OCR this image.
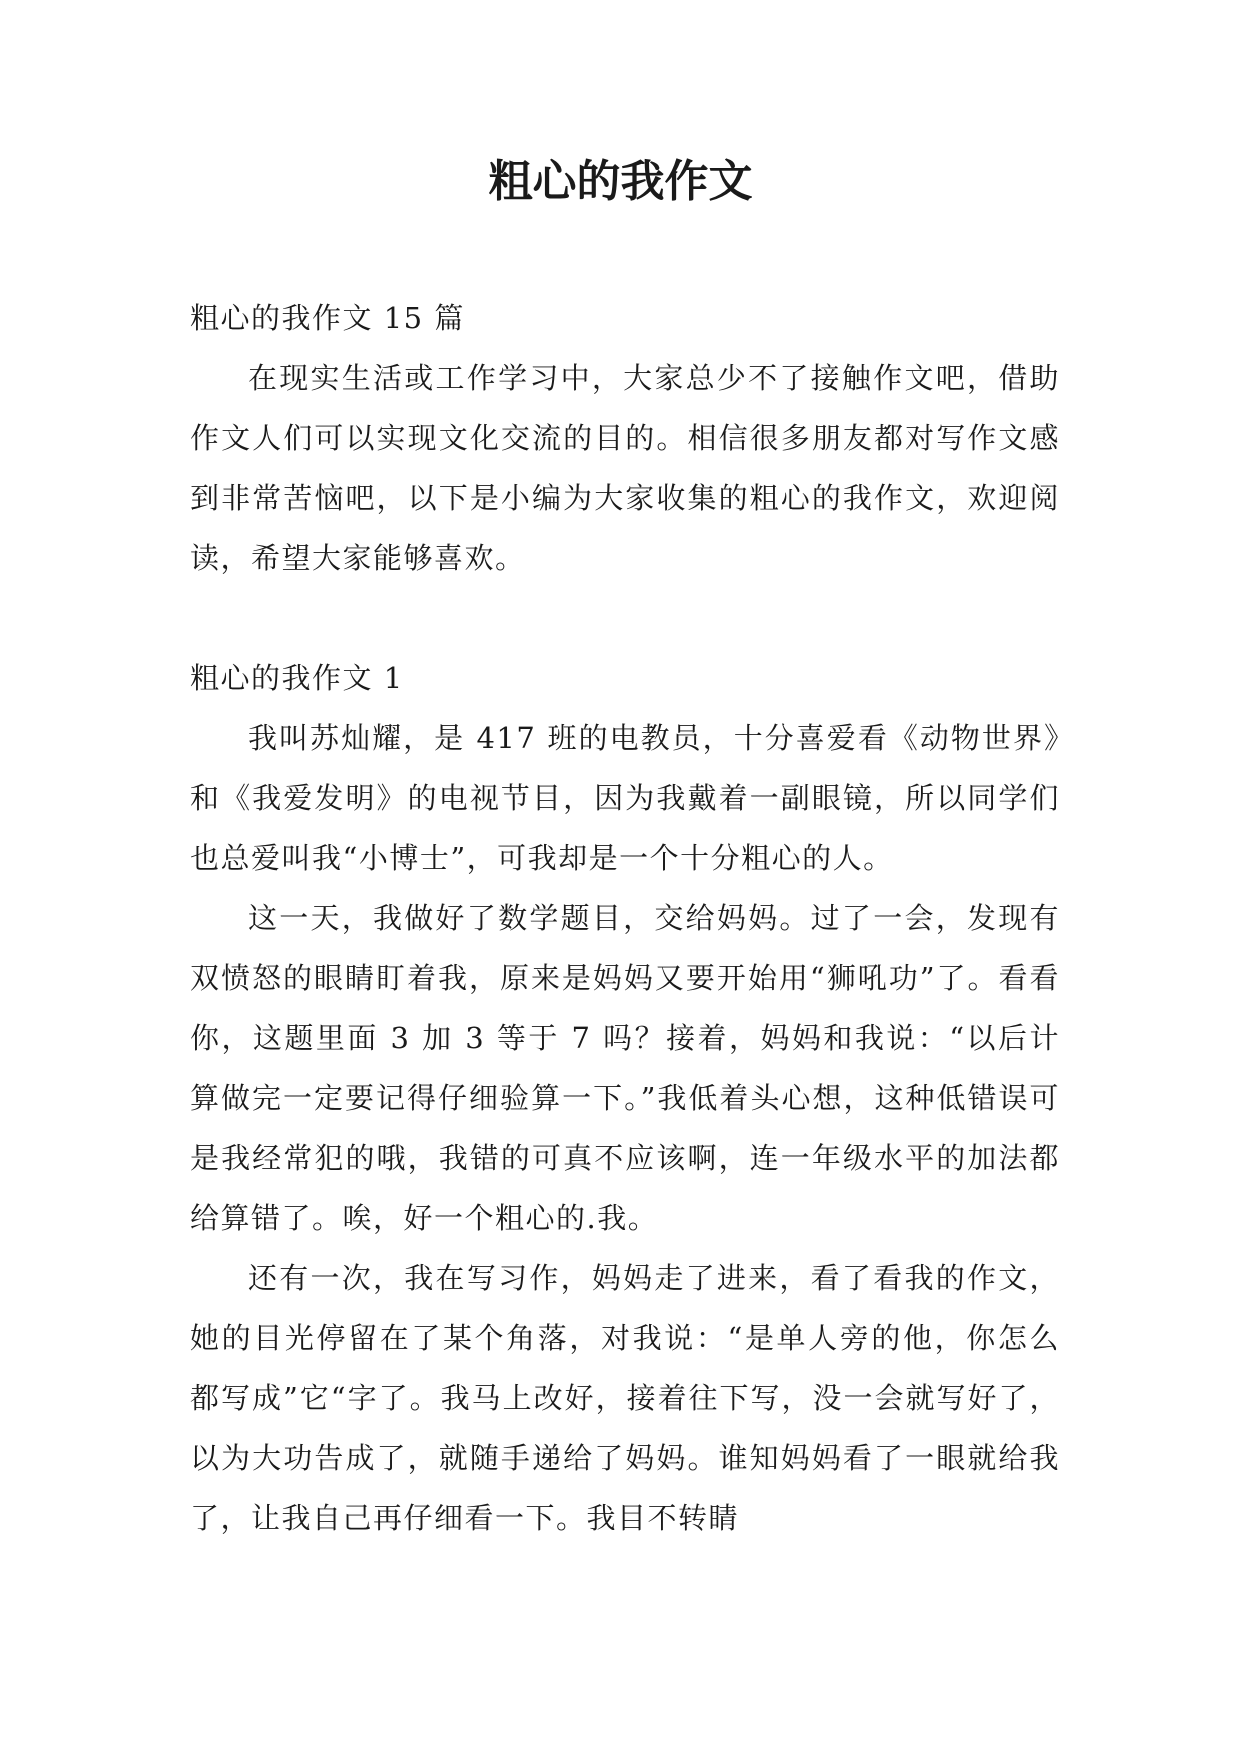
粗心的我作文

粗心的我作文 15 篇

在现实生活或工作学习中，大家总少不了接触作文吧，借助作文人们可以实现文化交流的目的。相信很多朋友都对写作文感到非常苦恼吧，以下是小编为大家收集的粗心的我作文，欢迎阅读，希望大家能够喜欢。

粗心的我作文 1

我叫苏灿耀，是 417 班的电教员，十分喜爱看《动物世界》和《我爱发明》的电视节目，因为我戴着一副眼镜，所以同学们也总爱叫我“小博士”，可我却是一个十分粗心的人。

这一天，我做好了数学题目，交给妈妈。过了一会，发现有双愤怒的眼睛盯着我，原来是妈妈又要开始用“狮吼功”了。看看你，这题里面 3 加 3 等于 7 吗？接着，妈妈和我说：“以后计算做完一定要记得仔细验算一下。”我低着头心想，这种低错误可是我经常犯的哦，我错的可真不应该啊，连一年级水平的加法都给算错了。唉，好一个粗心的.我。

还有一次，我在写习作，妈妈走了进来，看了看我的作文，她的目光停留在了某个角落，对我说：“是单人旁的他，你怎么都写成”它“字了。我马上改好，接着往下写，没一会就写好了，以为大功告成了，就随手递给了妈妈。谁知妈妈看了一眼就给我了，让我自己再仔细看一下。我目不转睛
